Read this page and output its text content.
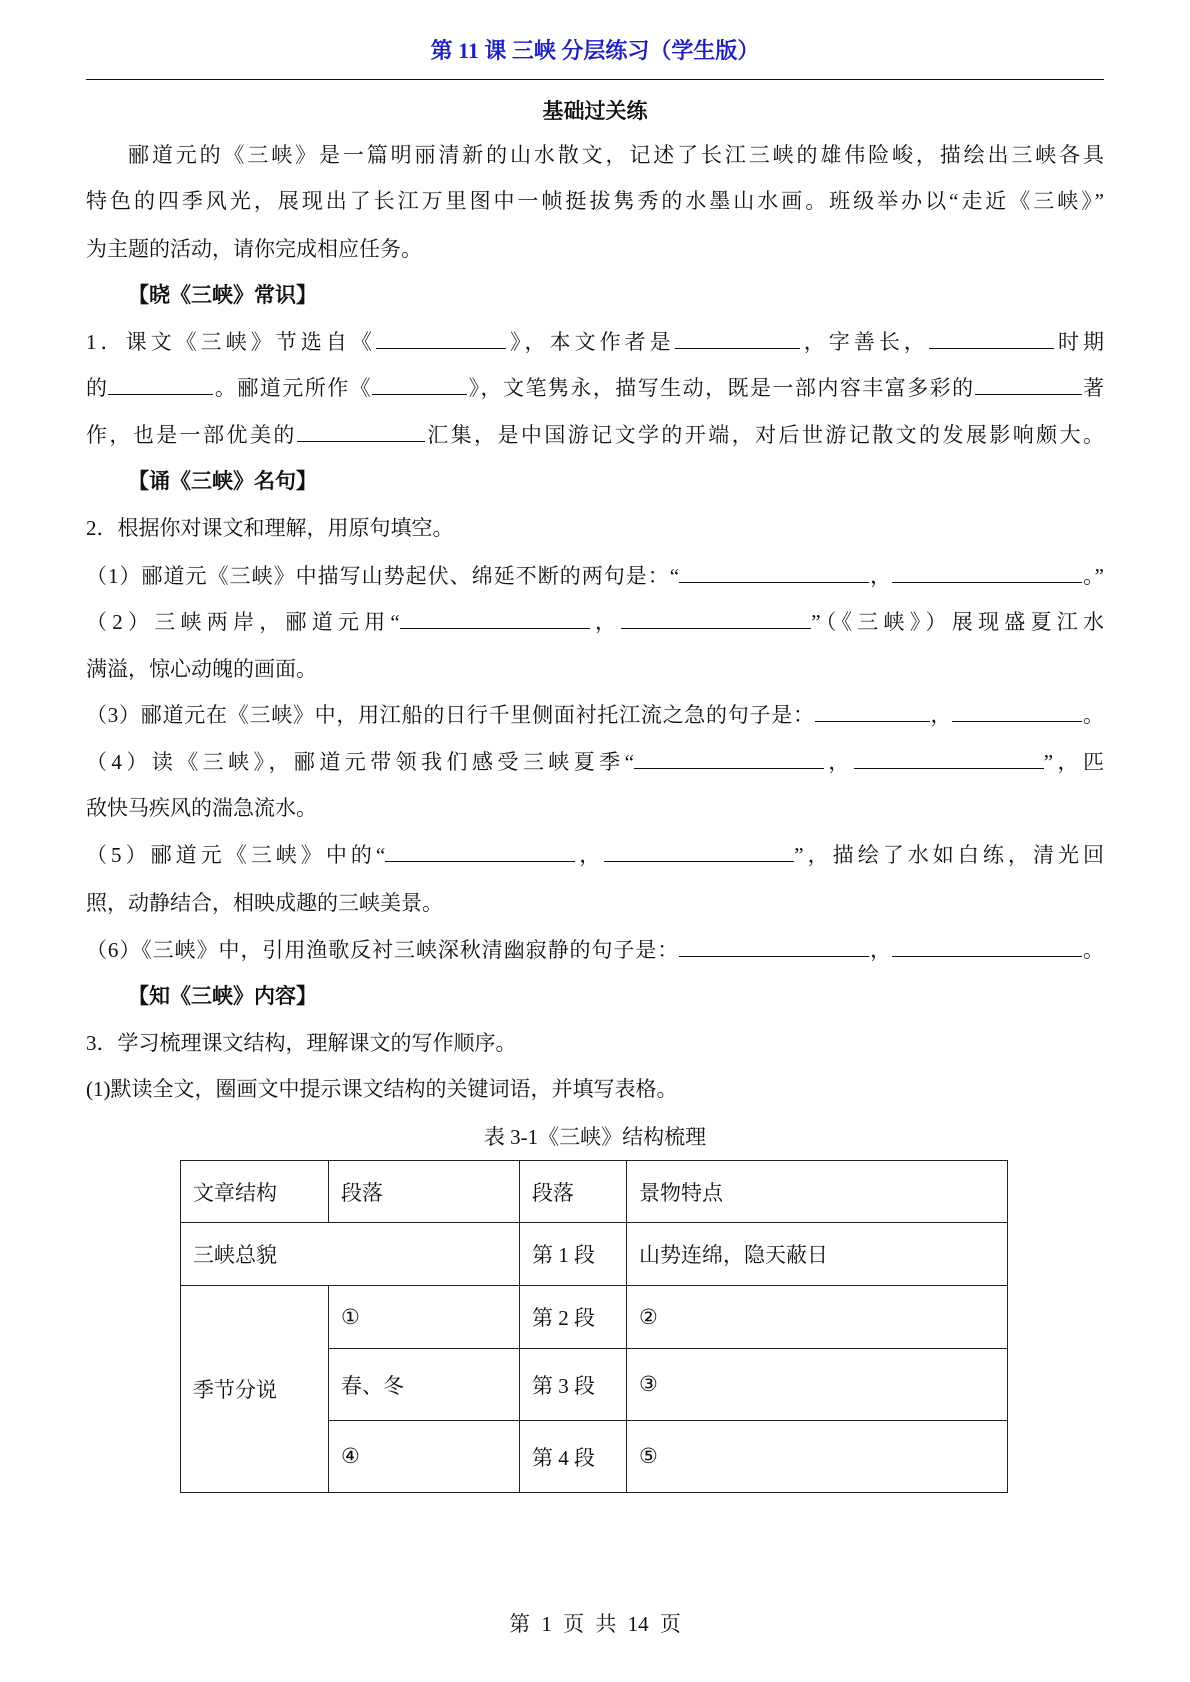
第 11 课 三峡 分层练习（学生版）
基础过关练
郦道元的《三峡》是一篇明丽清新的山水散文，记述了长江三峡的雄伟险峻，描绘出三峡各具
特色的四季风光，展现出了长江万里图中一帧挺拔隽秀的水墨山水画。班级举办以“走近《三峡》”
为主题的活动，请你完成相应任务。
【晓《三峡》常识】
1．课文《三峡》节选自《	》，本文作者是	，字善长，	时期
的	。郦道元所作《	》，文笔隽永，描写生动，既是一部内容丰富多彩的	著
作，也是一部优美的	汇集，是中国游记文学的开端，对后世游记散文的发展影响颇大。
【诵《三峡》名句】
2．根据你对课文和理解，用原句填空。
（1）郦道元《三峡》中描写山势起伏、绵延不断的两句是：“	，	。”
（2）三峡两岸，郦道元用“	，	”（《三峡》）展现盛夏江水
满溢，惊心动魄的画面。
（3）郦道元在《三峡》中，用江船的日行千里侧面衬托江流之急的句子是：	，	。
（4）读《三峡》，郦道元带领我们感受三峡夏季“	，	”，匹
敌快马疾风的湍急流水。
（5）郦道元《三峡》中的“	，	”，描绘了水如白练，清光回
照，动静结合，相映成趣的三峡美景。
（6）《三峡》中，引用渔歌反衬三峡深秋清幽寂静的句子是：	，	。
【知《三峡》内容】
3．学习梳理课文结构，理解课文的写作顺序。
(1)默读全文，圈画文中提示课文结构的关键词语，并填写表格。
表 3-1《三峡》结构梳理
文章结构	段落	段落	景物特点
三峡总貌		第 1 段	山势连绵，隐天蔽日
季节分说	①	第 2 段	②
	春、冬	第 3 段	③
	④	第 4 段	⑤
第 1 页 共 14 页
